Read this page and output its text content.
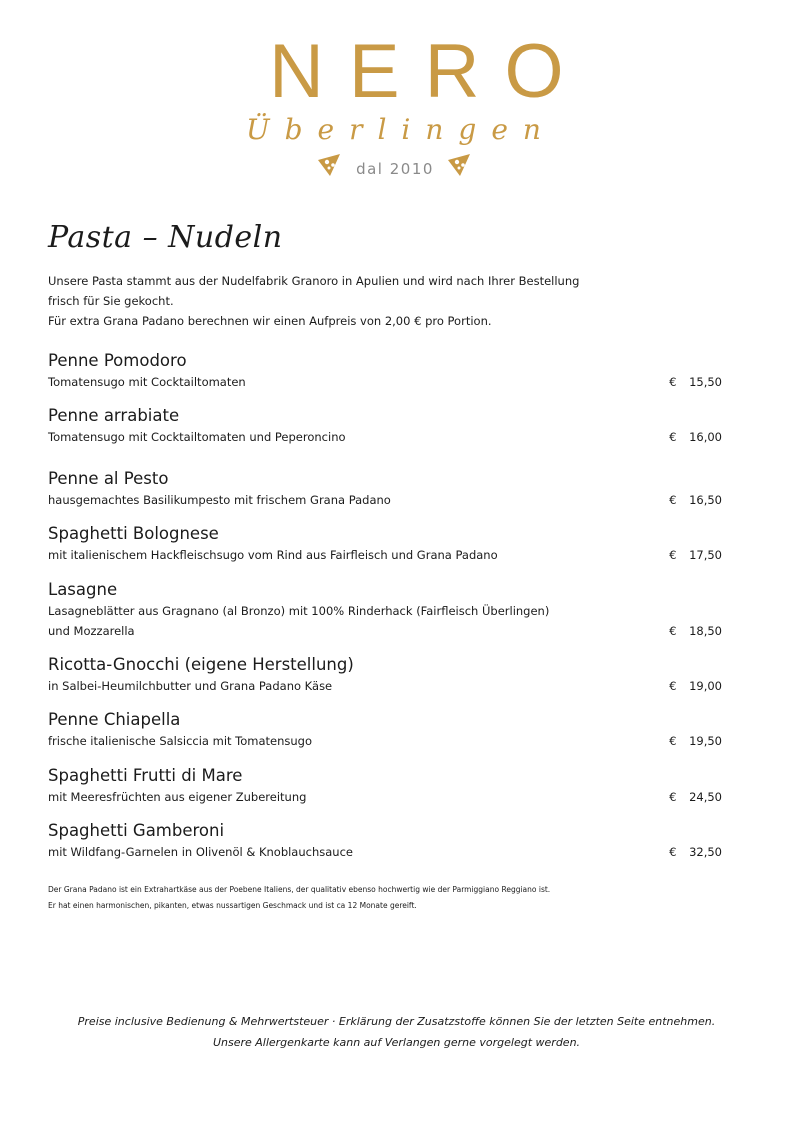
NERO
Überlingen
dal 2010
Pasta – Nudeln
Unsere Pasta stammt aus der Nudelfabrik Granoro in Apulien und wird nach Ihrer Bestellung
frisch für Sie gekocht.
Für extra Grana Padano berechnen wir einen Aufpreis von 2,00 € pro Portion.
Penne Pomodoro
Tomatensugo mit Cocktailtomaten	€ 15,50
Penne arrabiate
Tomatensugo mit Cocktailtomaten und Peperoncino	€ 16,00
Penne al Pesto
hausgemachtes Basilikumpesto mit frischem Grana Padano	€ 16,50
Spaghetti Bolognese
mit italienischem Hackfleischsugo vom Rind aus Fairfleisch und Grana Padano	€ 17,50
Lasagne
Lasagneblätter aus Gragnano (al Bronzo) mit 100% Rinderhack (Fairfleisch Überlingen)
und Mozzarella	€ 18,50
Ricotta-Gnocchi (eigene Herstellung)
in Salbei-Heumilchbutter und Grana Padano Käse	€ 19,00
Penne Chiapella
frische italienische Salsiccia mit Tomatensugo	€ 19,50
Spaghetti Frutti di Mare
mit Meeresfrüchten aus eigener Zubereitung	€ 24,50
Spaghetti Gamberoni
mit Wildfang-Garnelen in Olivenöl & Knoblauchsauce	€ 32,50
Der Grana Padano ist ein Extrahartkäse aus der Poebene Italiens, der qualitativ ebenso hochwertig wie der Parmiggiano Reggiano ist.
Er hat einen harmonischen, pikanten, etwas nussartigen Geschmack und ist ca 12 Monate gereift.
Preise inclusive Bedienung & Mehrwertsteuer · Erklärung der Zusatzstoffe können Sie der letzten Seite entnehmen.
Unsere Allergenkarte kann auf Verlangen gerne vorgelegt werden.
